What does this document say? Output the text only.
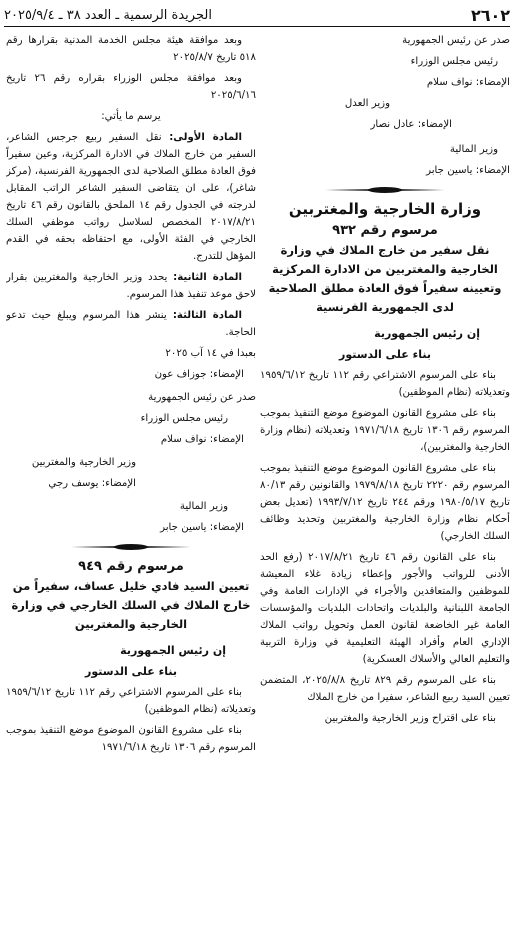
٢٦٠٢
الجريدة الرسمية ـ العدد ٣٨ ـ ٢٠٢٥/٩/٤

صدر عن رئيس الجمهورية

رئيس مجلس الوزراء

الإمضاء: نواف سلام

وزير العدل

الإمضاء: عادل نصار

وزير المالية

الإمضاء: ياسين جابر

وزارة الخارجية والمغتربين
مرسوم رقم ٩٣٢
نقل سفير من خارج الملاك في وزارة الخارجية والمغتربين من الادارة المركزية وتعيينه سفيراً فوق العادة مطلق الصلاحية لدى الجمهورية الفرنسية
إن رئيس الجمهورية
بناء على الدستور

بناء على المرسوم الاشتراعي رقم ١١٢ تاريخ ١٩٥٩/٦/١٢ وتعديلاته (نظام الموظفين)

بناء على مشروع القانون الموضوع موضع التنفيذ بموجب المرسوم رقم ١٣٠٦ تاريخ ١٩٧١/٦/١٨ وتعديلاته (نظام وزارة الخارجية والمغتربين)،

بناء على مشروع القانون الموضوع موضع التنفيذ بموجب المرسوم رقم ٢٢٢٠ تاريخ ١٩٧٩/٨/١٨ والقانونين رقم ٨٠/١٣ تاريخ ١٩٨٠/٥/١٧ ورقم ٢٤٤ تاريخ ١٩٩٣/٧/١٢ (تعديل بعض أحكام نظام وزارة الخارجية والمغتربين وتحديد وظائف السلك الخارجي)

بناء على القانون رقم ٤٦ تاريخ ٢٠١٧/٨/٢١ (رفع الحد الأدنى للرواتب والأجور وإعطاء زيادة غلاء المعيشة للموظفين والمتعاقدين والأجراء في الإدارات العامة وفي الجامعة اللبنانية والبلديات واتحادات البلديات والمؤسسات العامة غير الخاضعة لقانون العمل وتحويل رواتب الملاك الإداري العام وأفراد الهيئة التعليمية في وزارة التربية والتعليم العالي والأسلاك العسكرية)

بناء على المرسوم رقم ٨٢٩ تاريخ ٢٠٢٥/٨/٨، المتضمن تعيين السيد ربيع الشاعر، سفيرا من خارج الملاك

بناء على اقتراح وزير الخارجية والمغتربين

وبعد موافقة هيئة مجلس الخدمة المدنية بقرارها رقم ٥١٨ تاريخ ٢٠٢٥/٨/٧

وبعد موافقة مجلس الوزراء بقراره رقم ٢٦ تاريخ ٢٠٢٥/٦/١٦

يرسم ما يأتي:

المادة الأولى: نقل السفير ربيع جرجس الشاعر، السفير من خارج الملاك في الادارة المركزية، وعين سفيراً فوق العادة مطلق الصلاحية لدى الجمهورية الفرنسية، (مركز شاغر)، على ان يتقاضى السفير الشاعر الراتب المقابل لدرجته في الجدول رقم ١٤ الملحق بالقانون رقم ٤٦ تاريخ ٢٠١٧/٨/٢١ المخصص لسلاسل رواتب موظفي السلك الخارجي في الفئة الأولى، مع احتفاظه بحقه في القدم المؤهل للتدرج.

المادة الثانية: يحدد وزير الخارجية والمغتربين بقرار لاحق موعد تنفيذ هذا المرسوم.

المادة الثالثة: ينشر هذا المرسوم ويبلغ حيث تدعو الحاجة.

بعبدا في ١٤ آب ٢٠٢٥

الإمضاء: جوزاف عون

صدر عن رئيس الجمهورية

رئيس مجلس الوزراء

الإمضاء: نواف سلام

وزير الخارجية والمغتربين

الإمضاء: يوسف رجي

وزير المالية

الإمضاء: ياسين جابر

مرسوم رقم ٩٤٩
تعيين السيد فادي خليل عساف، سفيراً من خارج الملاك في السلك الخارجي في وزارة الخارجية والمغتربين
إن رئيس الجمهورية
بناء على الدستور

بناء على المرسوم الاشتراعي رقم ١١٢ تاريخ ١٩٥٩/٦/١٢ وتعديلاته (نظام الموظفين)

بناء على مشروع القانون الموضوع موضع التنفيذ بموجب المرسوم رقم ١٣٠٦ تاريخ ١٩٧١/٦/١٨
